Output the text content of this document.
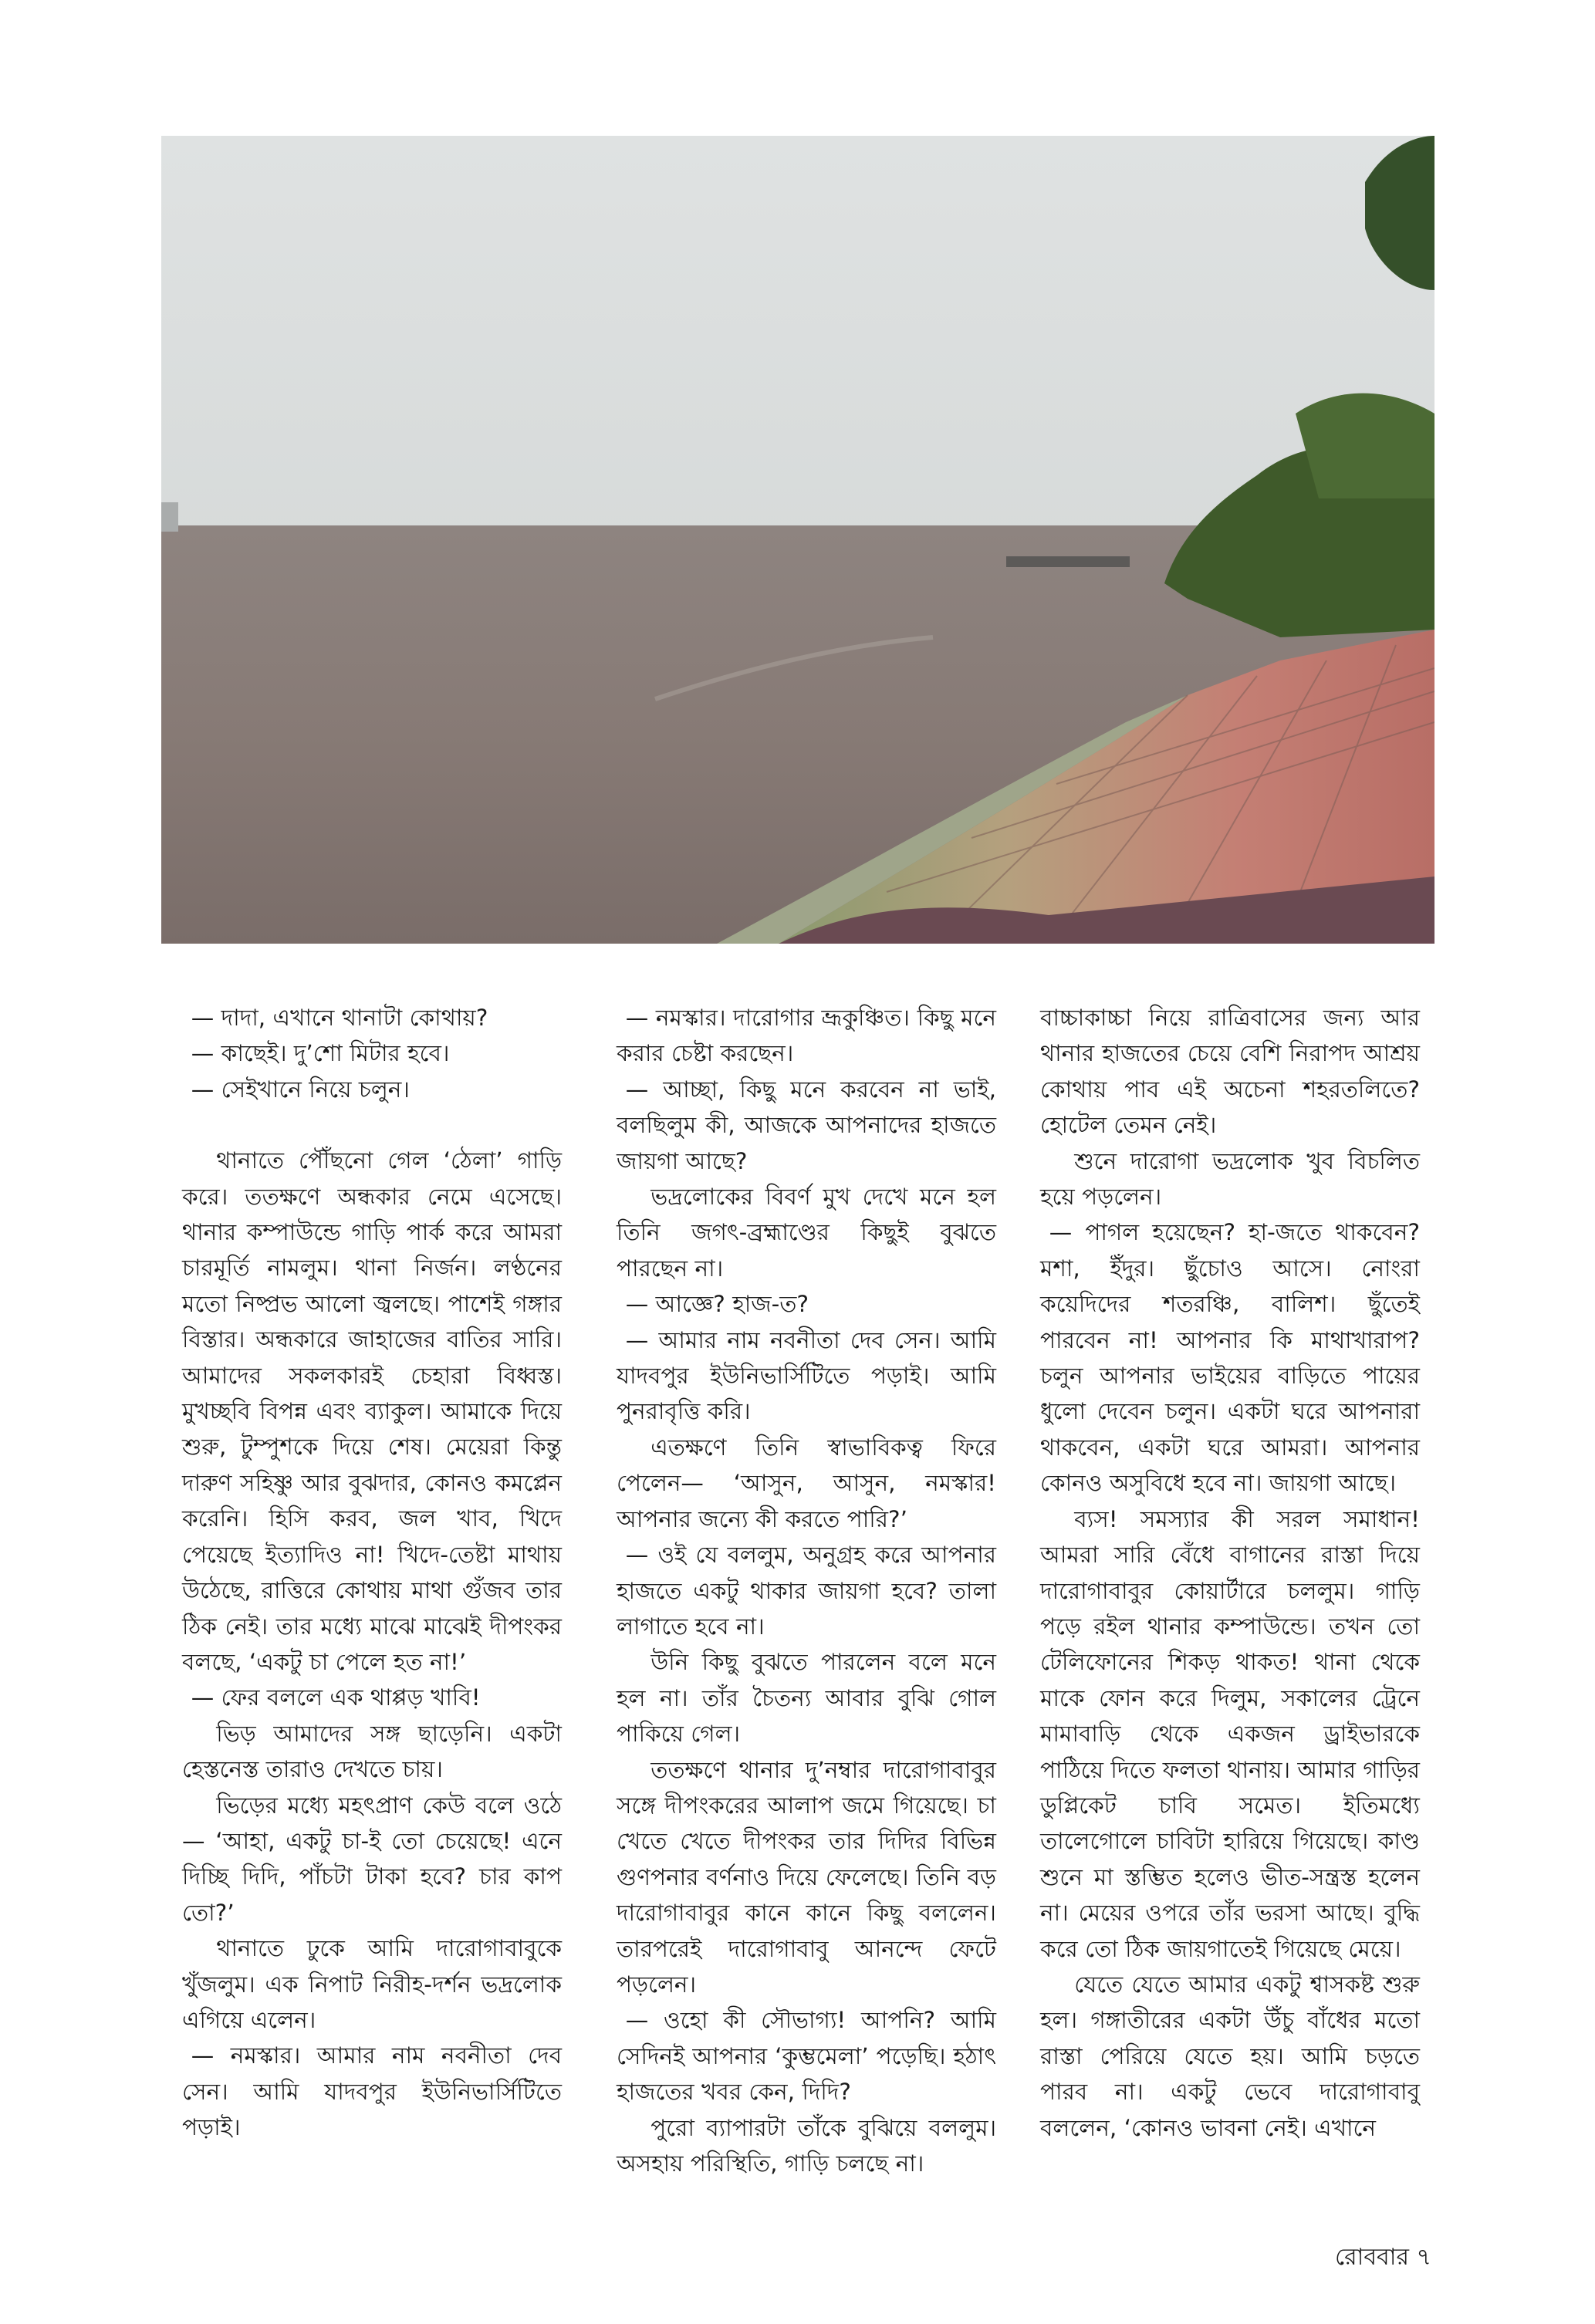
— দাদা, এখানে থানাটা কোথায়?

— কাছেই। দু’শো মিটার হবে।

— সেইখানে নিয়ে চলুন।

থানাতে পৌঁছনো গেল ‘ঠেলা’ গাড়ি করে। ততক্ষণে অন্ধকার নেমে এসেছে। থানার কম্পাউন্ডে গাড়ি পার্ক করে আমরা চারমূর্তি নামলুম। থানা নির্জন। লণ্ঠনের মতো নিষ্প্রভ আলো জ্বলছে। পাশেই গঙ্গার বিস্তার। অন্ধকারে জাহাজের বাতির সারি। আমাদের সকলকারই চেহারা বিধ্বস্ত। মুখচ্ছবি বিপন্ন এবং ব্যাকুল। আমাকে দিয়ে শুরু, টুম্পুশকে দিয়ে শেষ। মেয়েরা কিন্তু দারুণ সহিষ্ণু আর বুঝদার, কোনও কমপ্লেন করেনি। হিসি করব, জল খাব, খিদে পেয়েছে ইত্যাদিও না! খিদে-তেষ্টা মাথায় উঠেছে, রাত্তিরে কোথায় মাথা গুঁজব তার ঠিক নেই। তার মধ্যে মাঝে মাঝেই দীপংকর বলছে, ‘একটু চা পেলে হত না!’

— ফের বললে এক থাপ্পড় খাবি!

ভিড় আমাদের সঙ্গ ছাড়েনি। একটা হেস্তনেস্ত তারাও দেখতে চায়।

ভিড়ের মধ্যে মহৎপ্রাণ কেউ বলে ওঠে— ‘আহা, একটু চা-ই তো চেয়েছে! এনে দিচ্ছি দিদি, পাঁচটা টাকা হবে? চার কাপ তো?’

থানাতে ঢুকে আমি দারোগাবাবুকে খুঁজলুম। এক নিপাট নিরীহ-দর্শন ভদ্রলোক এগিয়ে এলেন।

— নমস্কার। আমার নাম নবনীতা দেব সেন। আমি যাদবপুর ইউনিভার্সিটিতে পড়াই।

— নমস্কার। দারোগার ভ্রূকুঞ্চিত। কিছু মনে করার চেষ্টা করছেন।

— আচ্ছা, কিছু মনে করবেন না ভাই, বলছিলুম কী, আজকে আপনাদের হাজতে জায়গা আছে?

ভদ্রলোকের বিবর্ণ মুখ দেখে মনে হল তিনি জগৎ-ব্রহ্মাণ্ডের কিছুই বুঝতে পারছেন না।

— আজ্ঞে? হাজ-ত?

— আমার নাম নবনীতা দেব সেন। আমি যাদবপুর ইউনিভার্সিটিতে পড়াই। আমি পুনরাবৃত্তি করি।

এতক্ষণে তিনি স্বাভাবিকত্ব ফিরে পেলেন— ‘আসুন, আসুন, নমস্কার! আপনার জন্যে কী করতে পারি?’

— ওই যে বললুম, অনুগ্রহ করে আপনার হাজতে একটু থাকার জায়গা হবে? তালা লাগাতে হবে না।

উনি কিছু বুঝতে পারলেন বলে মনে হল না। তাঁর চৈতন্য আবার বুঝি গোল পাকিয়ে গেল।

ততক্ষণে থানার দু’নম্বার দারোগাবাবুর সঙ্গে দীপংকরের আলাপ জমে গিয়েছে। চা খেতে খেতে দীপংকর তার দিদির বিভিন্ন গুণপনার বর্ণনাও দিয়ে ফেলেছে। তিনি বড় দারোগাবাবুর কানে কানে কিছু বললেন। তারপরেই দারোগাবাবু আনন্দে ফেটে পড়লেন।

— ওহো কী সৌভাগ্য! আপনি? আমি সেদিনই আপনার ‘কুম্ভমেলা’ পড়েছি। হঠাৎ হাজতের খবর কেন, দিদি?

পুরো ব্যাপারটা তাঁকে বুঝিয়ে বললুম। অসহায় পরিস্থিতি, গাড়ি চলছে না।

বাচ্চাকাচ্চা নিয়ে রাত্রিবাসের জন্য আর থানার হাজতের চেয়ে বেশি নিরাপদ আশ্রয় কোথায় পাব এই অচেনা শহরতলিতে? হোটেল তেমন নেই।

শুনে দারোগা ভদ্রলোক খুব বিচলিত হয়ে পড়লেন।

— পাগল হয়েছেন? হা-জতে থাকবেন? মশা, ইঁদুর। ছুঁচোও আসে। নোংরা কয়েদিদের শতরঞ্চি, বালিশ। ছুঁতেই পারবেন না! আপনার কি মাথাখারাপ? চলুন আপনার ভাইয়ের বাড়িতে পায়ের ধুলো দেবেন চলুন। একটা ঘরে আপনারা থাকবেন, একটা ঘরে আমরা। আপনার কোনও অসুবিধে হবে না। জায়গা আছে।

ব্যস! সমস্যার কী সরল সমাধান! আমরা সারি বেঁধে বাগানের রাস্তা দিয়ে দারোগাবাবুর কোয়ার্টারে চললুম। গাড়ি পড়ে রইল থানার কম্পাউন্ডে। তখন তো টেলিফোনের শিকড় থাকত! থানা থেকে মাকে ফোন করে দিলুম, সকালের ট্রেনে মামাবাড়ি থেকে একজন ড্রাইভারকে পাঠিয়ে দিতে ফলতা থানায়। আমার গাড়ির ডুপ্লিকেট চাবি সমেত। ইতিমধ্যে তালেগোলে চাবিটা হারিয়ে গিয়েছে। কাণ্ড শুনে মা স্তম্ভিত হলেও ভীত-সন্ত্রস্ত হলেন না। মেয়ের ওপরে তাঁর ভরসা আছে। বুদ্ধি করে তো ঠিক জায়গাতেই গিয়েছে মেয়ে।

যেতে যেতে আমার একটু শ্বাসকষ্ট শুরু হল। গঙ্গাতীরের একটা উঁচু বাঁধের মতো রাস্তা পেরিয়ে যেতে হয়। আমি চড়তে পারব না। একটু ভেবে দারোগাবাবু বললেন, ‘কোনও ভাবনা নেই। এখানে

রোববার ৭
